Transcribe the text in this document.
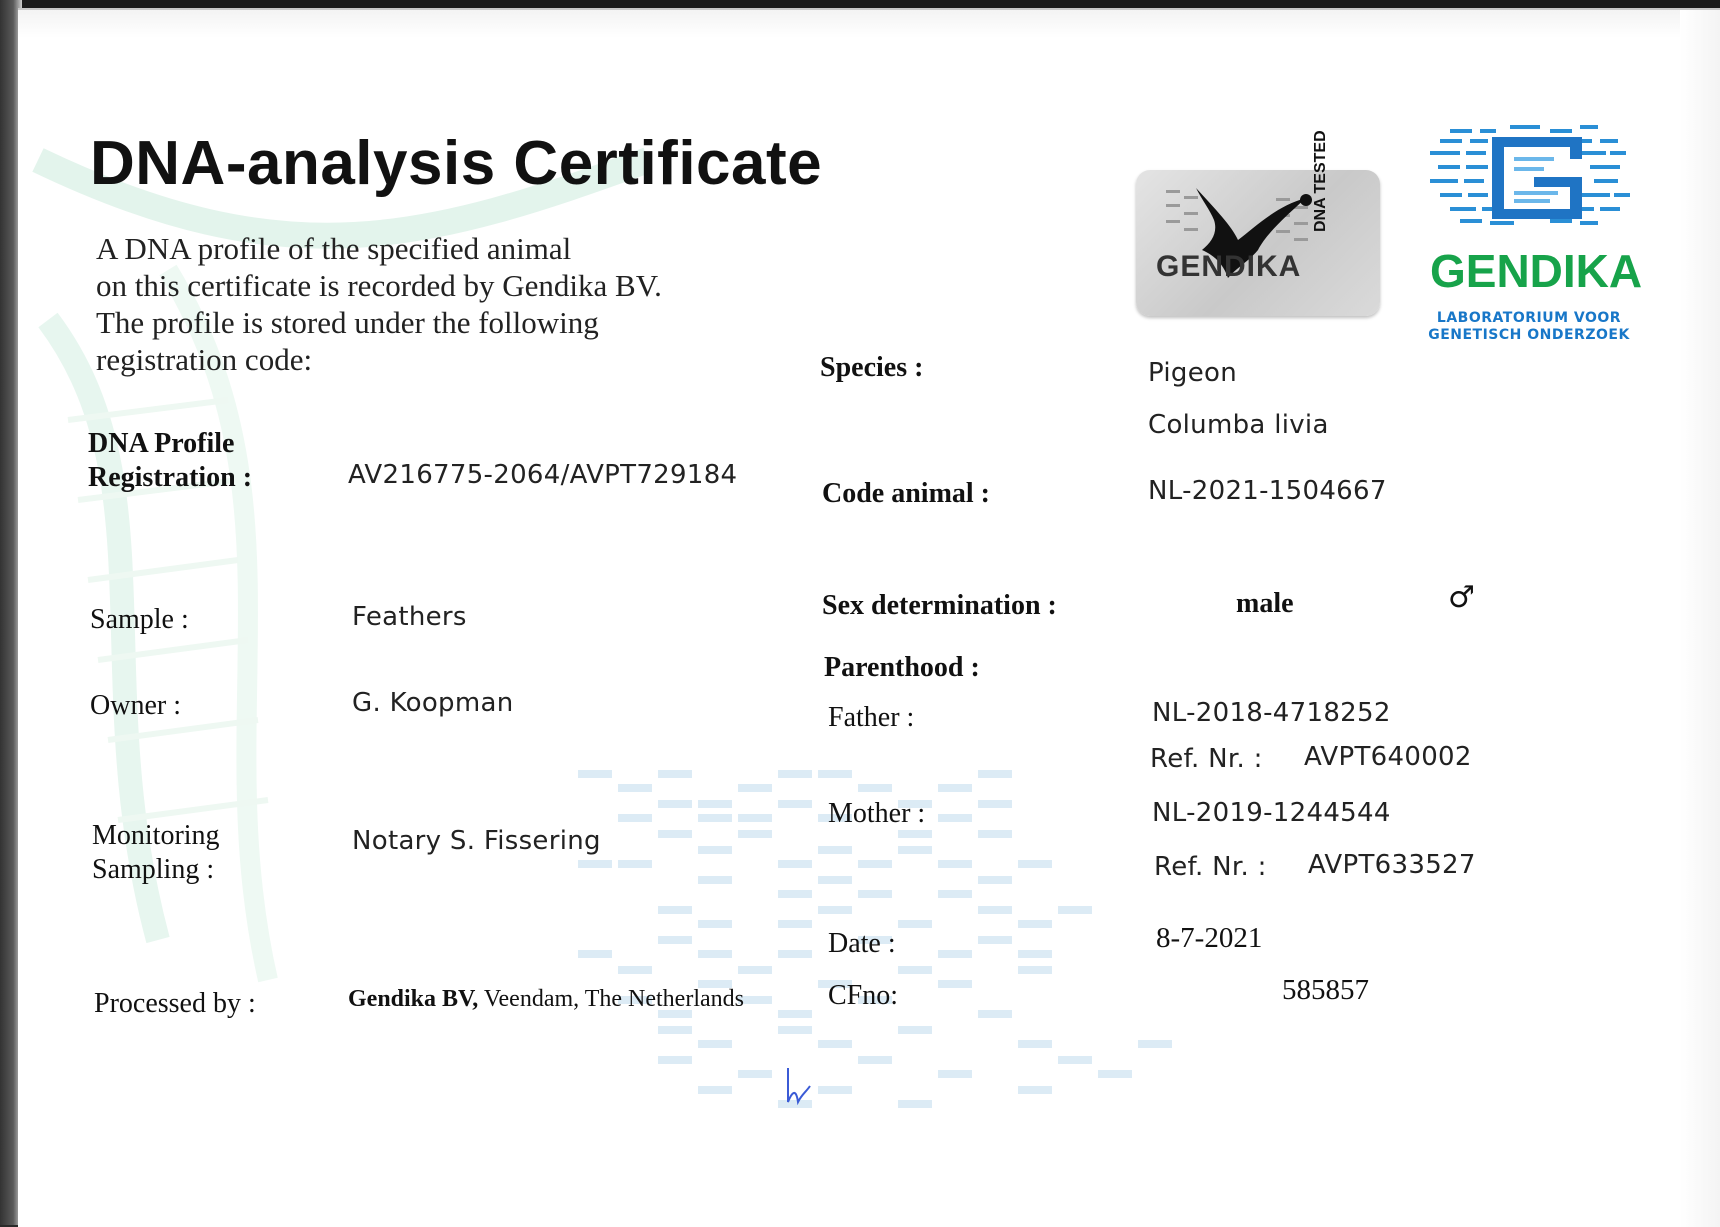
DNA-analysis Certificate
A DNA profile of the specified animal
on this certificate is recorded by Gendika BV.
The profile is stored under the following
registration code:
GENDIKA
DNA TESTED
GENDIKA
LABORATORIUM VOOR
GENETISCH ONDERZOEK
DNA Profile
Registration :	AV216775-2064/AVPT729184
Sample :	Feathers
Owner :	G. Koopman
Monitoring
Sampling :
Notary S. Fissering
Processed by :	Gendika BV, Veendam, The Netherlands
Species :	Pigeon
Columba livia
Code animal :	NL-2021-1504667
Sex determination :	male	♂
Parenthood :
Father :	NL-2018-4718252
Ref. Nr. : AVPT640002
Mother :	NL-2019-1244544
Ref. Nr. : AVPT633527
Date :	8-7-2021
CFno:	585857
